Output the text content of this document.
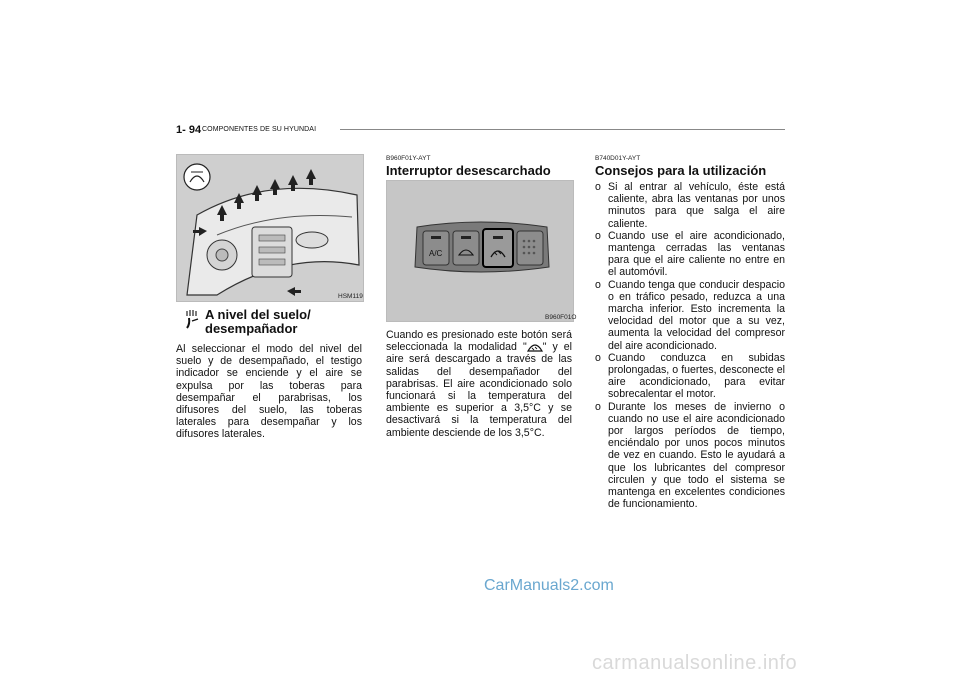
1- 94 COMPONENTES DE SU HYUNDAI
HSM119
A nivel del suelo/ desempañador
Al seleccionar el modo del nivel del suelo y de desempañado, el testigo indicador se enciende y el aire se expulsa por las toberas para desempañar el parabrisas, los difusores del suelo, las toberas laterales para desempañar y los difusores laterales.
B960F01Y-AYT
Interruptor desescarchado
A/C
B960F01O
Cuando es presionado este botón será seleccionada la modalidad " " y el aire será descargado a través de las salidas del desempañador del parabrisas. El aire acondicionado solo funcionará si la temperatura del ambiente es superior a 3,5°C y se desactivará si la temperatura del ambiente desciende de los 3,5°C.
B740D01Y-AYT
Consejos para la utilización
o Si al entrar al vehículo, éste está caliente, abra las ventanas por unos minutos para que salga el aire caliente.
o Cuando use el aire acondicionado, mantenga cerradas las ventanas para que el aire caliente no entre en el automóvil.
o Cuando tenga que conducir despacio o en tráfico pesado, reduzca a una marcha inferior. Esto incrementa la velocidad del motor que a su vez, aumenta la velocidad del compresor del aire acondicionado.
o Cuando conduzca en subidas prolongadas, o fuertes, desconecte el aire acondicionado, para evitar sobrecalentar el motor.
o Durante los meses de invierno o cuando no use el aire acondicionado por largos períodos de tiempo, enciéndalo por unos pocos minutos de vez en cuando. Esto le ayudará a que los lubricantes del compresor circulen y que todo el sistema se mantenga en excelentes condiciones de funcionamiento.
CarManuals2.com
carmanualsonline.info
